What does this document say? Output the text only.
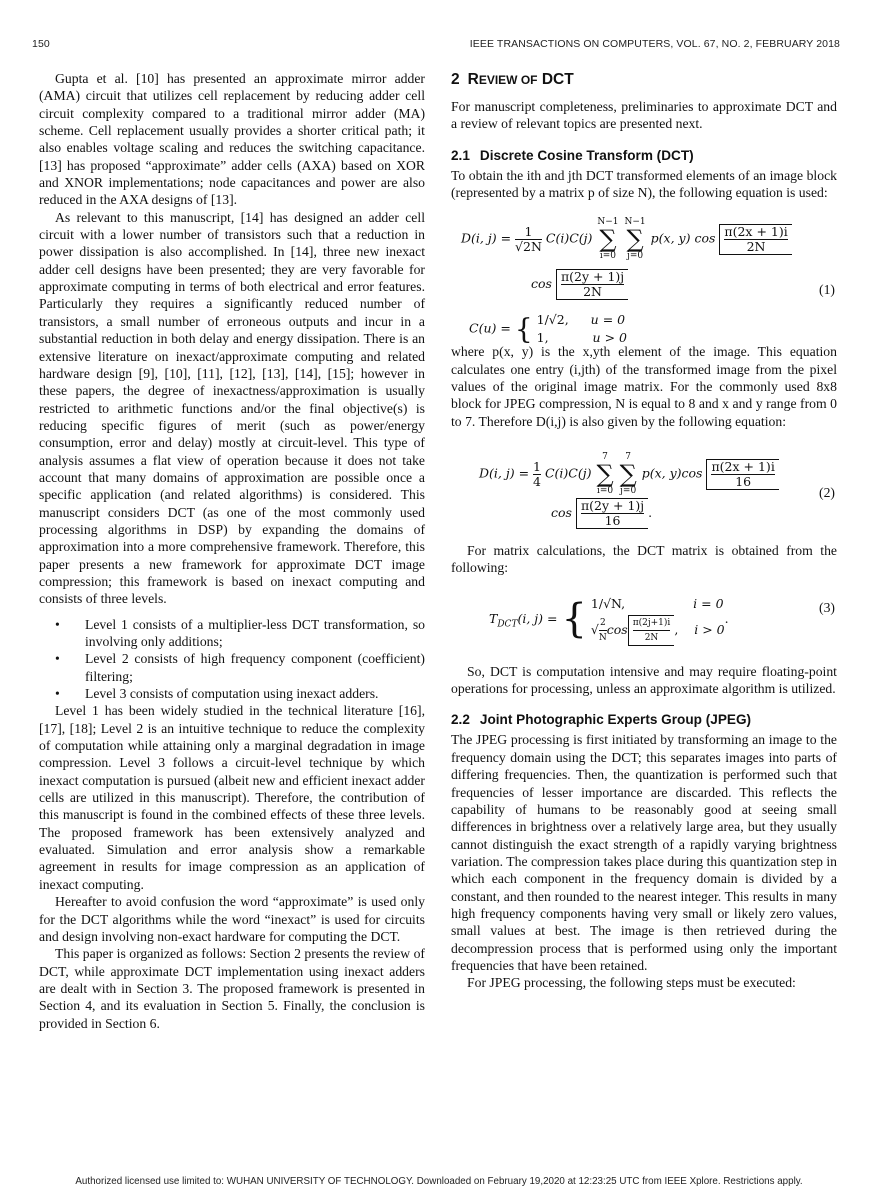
150	IEEE TRANSACTIONS ON COMPUTERS, VOL. 67, NO. 2, FEBRUARY 2018

Gupta et al. [10] has presented an approximate mirror adder (AMA) circuit that utilizes cell replacement by reducing adder cell circuit complexity compared to a traditional mirror adder (MA) scheme. Cell replacement usually provides a shorter critical path; it also enables voltage scaling and reduces the switching capacitance. [13] has proposed “approximate” adder cells (AXA) based on XOR and XNOR implementations; node capacitances and power are also reduced in the AXA designs of [13].

As relevant to this manuscript, [14] has designed an adder cell circuit with a lower number of transistors such that a reduction in power dissipation is also accomplished. In [14], three new inexact adder cell designs have been presented; they are very favorable for approximate computing in terms of both electrical and error features. Particularly they requires a significantly reduced number of transistors, a small number of erroneous outputs and incur in a substantial reduction in both delay and energy dissipation. There is an extensive literature on inexact/approximate computing and related hardware design [9], [10], [11], [12], [13], [14], [15]; however in these papers, the degree of inexactness/approximation is usually restricted to arithmetic functions and/or the final objective(s) is reducing specific figures of merit (such as power/energy consumption, error and delay) mostly at circuit-level. This type of analysis assumes a flat view of operation because it does not take account that many domains of approximation are possible once a specific application (and related algorithms) is considered. This manuscript considers DCT (as one of the most commonly used processing algorithms in DSP) by expanding the domains of approximation into a more comprehensive framework. Therefore, this paper presents a new framework for approximate DCT image compression; this framework is based on inexact computing and consists of three levels.

• Level 1 consists of a multiplier-less DCT transformation, so involving only additions;
• Level 2 consists of high frequency component (coefficient) filtering;
• Level 3 consists of computation using inexact adders.

Level 1 has been widely studied in the technical literature [16], [17], [18]; Level 2 is an intuitive technique to reduce the complexity of computation while attaining only a marginal degradation in image compression. Level 3 follows a circuit-level technique by which inexact computation is pursued (albeit new and efficient inexact adder cells are utilized in this manuscript). Therefore, the contribution of this manuscript is found in the combined effects of these three levels. The proposed framework has been extensively analyzed and evaluated. Simulation and error analysis show a remarkable agreement in results for image compression as an application of inexact computing.

Hereafter to avoid confusion the word “approximate” is used only for the DCT algorithms while the word “inexact” is used for circuits and design involving non-exact hardware for computing the DCT.

This paper is organized as follows: Section 2 presents the review of DCT, while approximate DCT implementation using inexact adders are dealt with in Section 3. The proposed framework is presented in Section 4, and its evaluation in Section 5. Finally, the conclusion is provided in Section 6.

2 REVIEW OF DCT

For manuscript completeness, preliminaries to approximate DCT and a review of relevant topics are presented next.

2.1 Discrete Cosine Transform (DCT)

To obtain the ith and jth DCT transformed elements of an image block (represented by a matrix p of size N), the following equation is used:

D(i, $j) = \frac{1}{√2N} C(i)C(j)$ N−1
∑
i=0 N−1
∑
j=0 p(x, y) $\cos \frac{\pi(2x + 1)i}{2N}$
$\cos \frac{\pi(2y + 1)j}{2N}$	(1)
C(u) = { 1/√2, u = 0
1,	u > 0

where p(x, y) is the x,yth element of the image. This equation calculates one entry (i,jth) of the transformed image from the pixel values of the original image matrix. For the commonly used 8x8 block for JPEG compression, N is equal to 8 and x and y range from 0 to 7. Therefore D(i,j) is also given by the following equation:

D(i, $j) = \frac{1}{4} C(i)C(j)$ 7
∑
i=0 7
∑
j=0 p(x, $y)\cos \frac{\pi(2x + 1)i}{16}$
(2)
$\cos \frac{\pi(2y + 1)j}{16}$ .

For matrix calculations, the DCT matrix is obtained from the following:

$T_{DCT}(i$, j) = { 1/√N,	i = 0
√ $\frac{2}{N}$ $\cos \frac{\pi(2j+1)i}{2N}$ , i > 0.
(3)

So, DCT is computation intensive and may require floating-point operations for processing, unless an approximate algorithm is utilized.

2.2 Joint Photographic Experts Group (JPEG)

The JPEG processing is first initiated by transforming an image to the frequency domain using the DCT; this separates images into parts of differing frequencies. Then, the quantization is performed such that frequencies of lesser importance are discarded. This reflects the capability of humans to be reasonably good at seeing small differences in brightness over a relatively large area, but they usually cannot distinguish the exact strength of a rapidly varying brightness variation. The compression takes place during this quantization step in which each component in the frequency domain is divided by a constant, and then rounded to the nearest integer. This results in many high frequency components having very small or likely zero values, small values at best. The image is then retrieved during the decompression process that is performed using only the important frequencies that have been retained.

For JPEG processing, the following steps must be executed:

Authorized licensed use limited to: WUHAN UNIVERSITY OF TECHNOLOGY. Downloaded on February 19,2020 at 12:23:25 UTC from IEEE Xplore. Restrictions apply.
